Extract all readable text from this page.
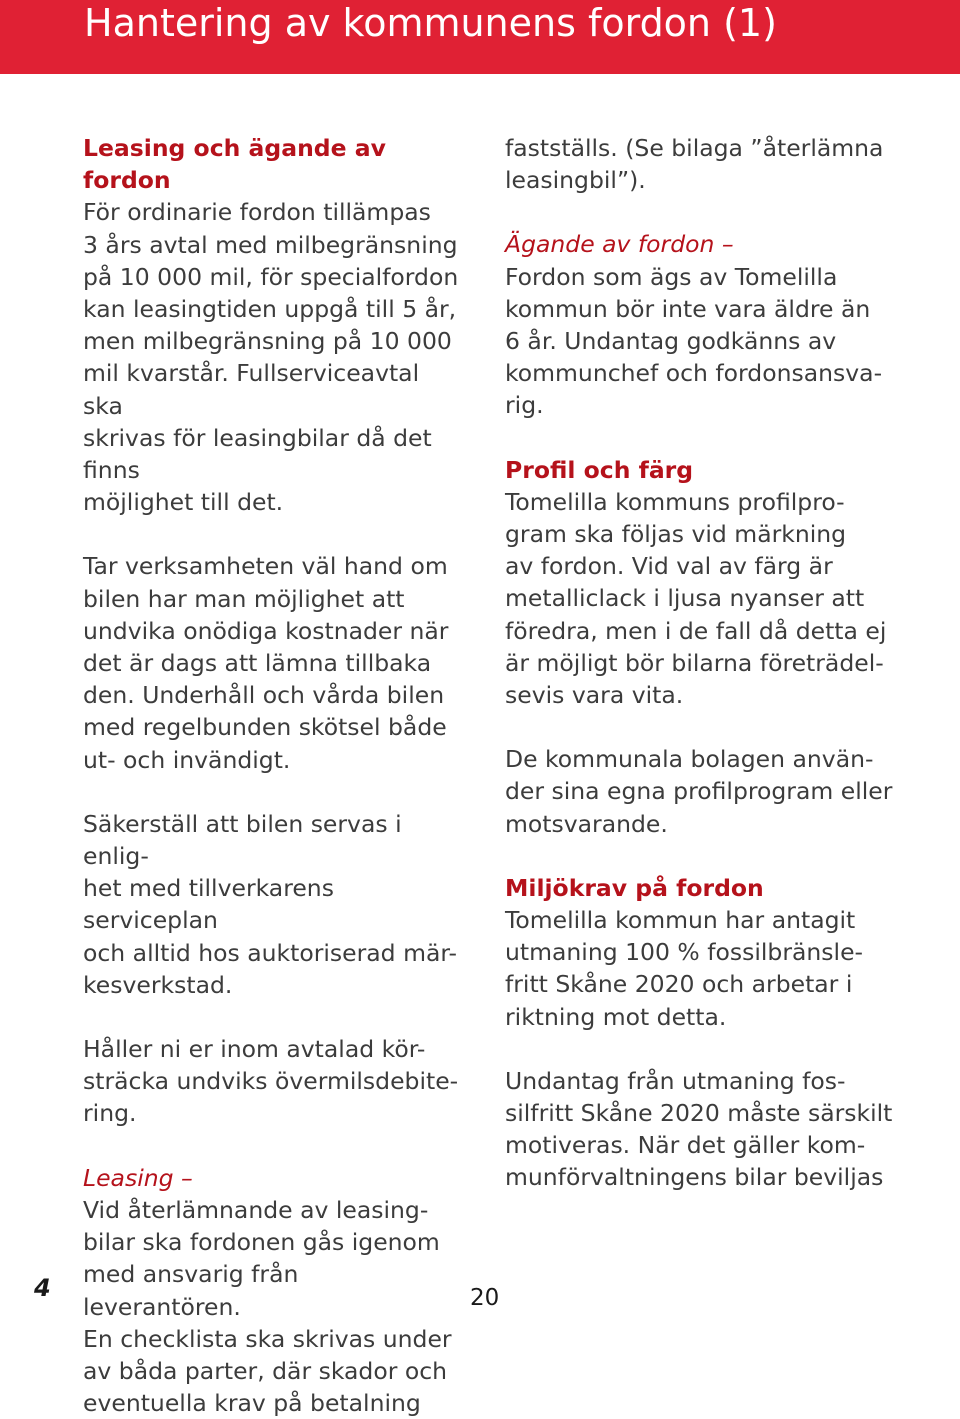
Hantering av kommunens fordon (1)

Leasing och ägande av fordon
För ordinarie fordon tillämpas
3 års avtal med milbegränsning
på 10 000 mil, för specialfordon
kan leasingtiden uppgå till 5 år,
men milbegränsning på 10 000
mil kvarstår. Fullserviceavtal ska
skrivas för leasingbilar då det
finns
möjlighet till det.

Tar verksamheten väl hand om
bilen har man möjlighet att
undvika onödiga kostnader när
det är dags att lämna tillbaka
den. Underhåll och vårda bilen
med regelbunden skötsel både
ut- och invändigt.

Säkerställ att bilen servas i enlig-
het med tillverkarens serviceplan
och alltid hos auktoriserad mär-
kesverkstad.

Håller ni er inom avtalad kör-
sträcka undviks övermilsdebite-
ring.

Leasing –
Vid återlämnande av leasing-
bilar ska fordonen gås igenom
med ansvarig från leverantören.
En checklista ska skrivas under
av båda parter, där skador och
eventuella krav på betalning

fastställs. (Se bilaga ”återlämna
leasingbil”).

Ägande av fordon –
Fordon som ägs av Tomelilla
kommun bör inte vara äldre än
6 år. Undantag godkänns av
kommunchef och fordonsansva-
rig.

Profil och färg
Tomelilla kommuns profilpro-
gram ska följas vid märkning
av fordon. Vid val av färg är
metalliclack i ljusa nyanser att
föredra, men i de fall då detta ej
är möjligt bör bilarna företrädel-
sevis vara vita.

De kommunala bolagen använ-
der sina egna profilprogram eller
motsvarande.

Miljökrav på fordon
Tomelilla kommun har antagit
utmaning 100 % fossilbränsle-
fritt Skåne 2020 och arbetar i
riktning mot detta.

Undantag från utmaning fos-
silfritt Skåne 2020 måste särskilt
motiveras. När det gäller kom-
munförvaltningens bilar beviljas

4	20
